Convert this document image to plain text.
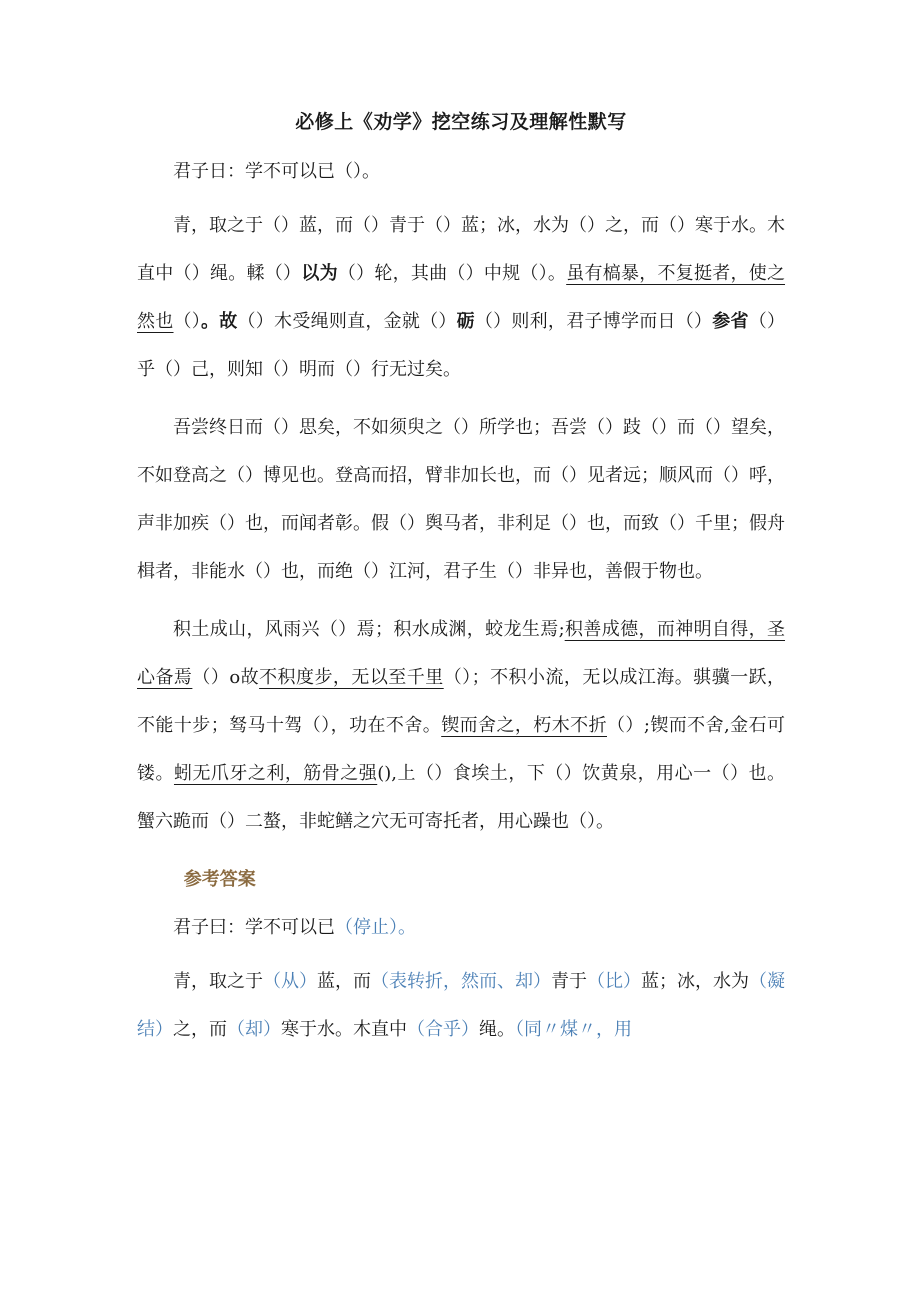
必修上《劝学》挖空练习及理解性默写
君子日：学不可以已（）。
青，取之于（）蓝，而（）青于（）蓝；冰，水为（）之，而（）寒于水。木直中（）绳。輮（）以为（）轮，其曲（）中规（）。虽有槁暴，不复挺者，使之然也（）。故（）木受绳则直，金就（）砺（）则利，君子博学而日（）参省（）乎（）己，则知（）明而（）行无过矣。
吾尝终日而（）思矣，不如须臾之（）所学也；吾尝（）跂（）而（）望矣，不如登高之（）博见也。登高而招，臂非加长也，而（）见者远；顺风而（）呼，声非加疾（）也，而闻者彰。假（）舆马者，非利足（）也，而致（）千里；假舟楫者，非能水（）也，而绝（）江河，君子生（）非异也，善假于物也。
积土成山，风雨兴（）焉；积水成渊，蛟龙生焉;积善成德，而神明自得，圣心备焉（）o故不积度步，无以至千里（）；不积小流，无以成江海。骐骥一跃，不能十步；驽马十驾（），功在不舍。锲而舍之，朽木不折（）;锲而不舍,金石可镂。蚓无爪牙之利，筋骨之强(),上（）食埃土，下（）饮黄泉，用心一（）也。蟹六跪而（）二螯，非蛇鳝之穴无可寄托者，用心躁也（）。
参考答案
君子曰：学不可以已（停止）。
青，取之于（从）蓝，而（表转折，然而、却）青于（比）蓝；冰，水为（凝结）之，而（却）寒于水。木直中（合乎）绳。（同〃煤〃，用
